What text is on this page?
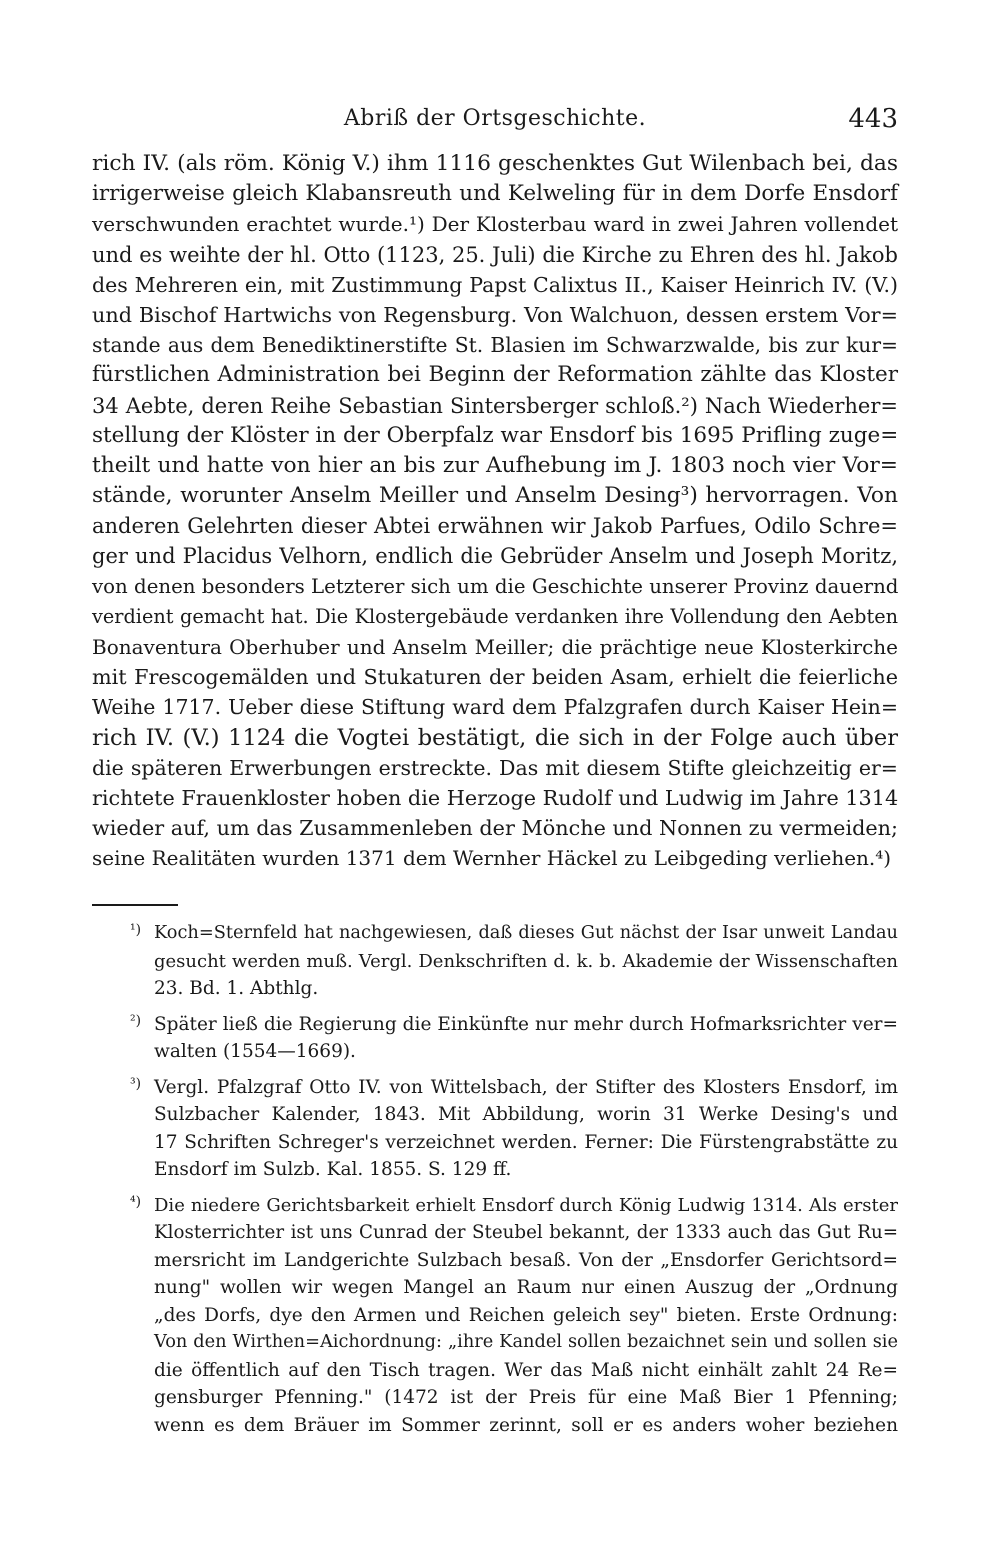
Abriß der Ortsgeschichte.	443
rich IV. (als röm. König V.) ihm 1116 geschenktes Gut Wilenbach bei, das
irrigerweise gleich Klabansreuth und Kelweling für in dem Dorfe Ensdorf
verschwunden erachtet wurde.¹) Der Klosterbau ward in zwei Jahren vollendet
und es weihte der hl. Otto (1123, 25. Juli) die Kirche zu Ehren des hl. Jakob
des Mehreren ein, mit Zustimmung Papst Calixtus II., Kaiser Heinrich IV. (V.)
und Bischof Hartwichs von Regensburg. Von Walchuon, dessen erstem Vor=
stande aus dem Benediktinerstifte St. Blasien im Schwarzwalde, bis zur kur=
fürstlichen Administration bei Beginn der Reformation zählte das Kloster
34 Aebte, deren Reihe Sebastian Sintersberger schloß.²) Nach Wiederher=
stellung der Klöster in der Oberpfalz war Ensdorf bis 1695 Prifling zuge=
theilt und hatte von hier an bis zur Aufhebung im J. 1803 noch vier Vor=
stände, worunter Anselm Meiller und Anselm Desing³) hervorragen. Von
anderen Gelehrten dieser Abtei erwähnen wir Jakob Parfues, Odilo Schre=
ger und Placidus Velhorn, endlich die Gebrüder Anselm und Joseph Moritz,
von denen besonders Letzterer sich um die Geschichte unserer Provinz dauernd
verdient gemacht hat. Die Klostergebäude verdanken ihre Vollendung den Aebten
Bonaventura Oberhuber und Anselm Meiller; die prächtige neue Klosterkirche
mit Frescogemälden und Stukaturen der beiden Asam, erhielt die feierliche
Weihe 1717. Ueber diese Stiftung ward dem Pfalzgrafen durch Kaiser Hein=
rich IV. (V.) 1124 die Vogtei bestätigt, die sich in der Folge auch über
die späteren Erwerbungen erstreckte. Das mit diesem Stifte gleichzeitig er=
richtete Frauenkloster hoben die Herzoge Rudolf und Ludwig im Jahre 1314
wieder auf, um das Zusammenleben der Mönche und Nonnen zu vermeiden;
seine Realitäten wurden 1371 dem Wernher Häckel zu Leibgeding verliehen.⁴)
¹) Koch=Sternfeld hat nachgewiesen, daß dieses Gut nächst der Isar unweit Landau
gesucht werden muß. Vergl. Denkschriften d. k. b. Akademie der Wissenschaften
23. Bd. 1. Abthlg.
²) Später ließ die Regierung die Einkünfte nur mehr durch Hofmarksrichter ver=
walten (1554—1669).
³) Vergl. Pfalzgraf Otto IV. von Wittelsbach, der Stifter des Klosters Ensdorf, im
Sulzbacher Kalender, 1843. Mit Abbildung, worin 31 Werke Desing's und
17 Schriften Schreger's verzeichnet werden. Ferner: Die Fürstengrabstätte zu
Ensdorf im Sulzb. Kal. 1855. S. 129 ff.
⁴) Die niedere Gerichtsbarkeit erhielt Ensdorf durch König Ludwig 1314. Als erster
Klosterrichter ist uns Cunrad der Steubel bekannt, der 1333 auch das Gut Ru=
mersricht im Landgerichte Sulzbach besaß. Von der „Ensdorfer Gerichtsord=
nung" wollen wir wegen Mangel an Raum nur einen Auszug der „Ordnung
„des Dorfs, dye den Armen und Reichen geleich sey" bieten. Erste Ordnung:
Von den Wirthen=Aichordnung: „ihre Kandel sollen bezaichnet sein und sollen sie
die öffentlich auf den Tisch tragen. Wer das Maß nicht einhält zahlt 24 Re=
gensburger Pfenning." (1472 ist der Preis für eine Maß Bier 1 Pfenning;
wenn es dem Bräuer im Sommer zerinnt, soll er es anders woher beziehen
